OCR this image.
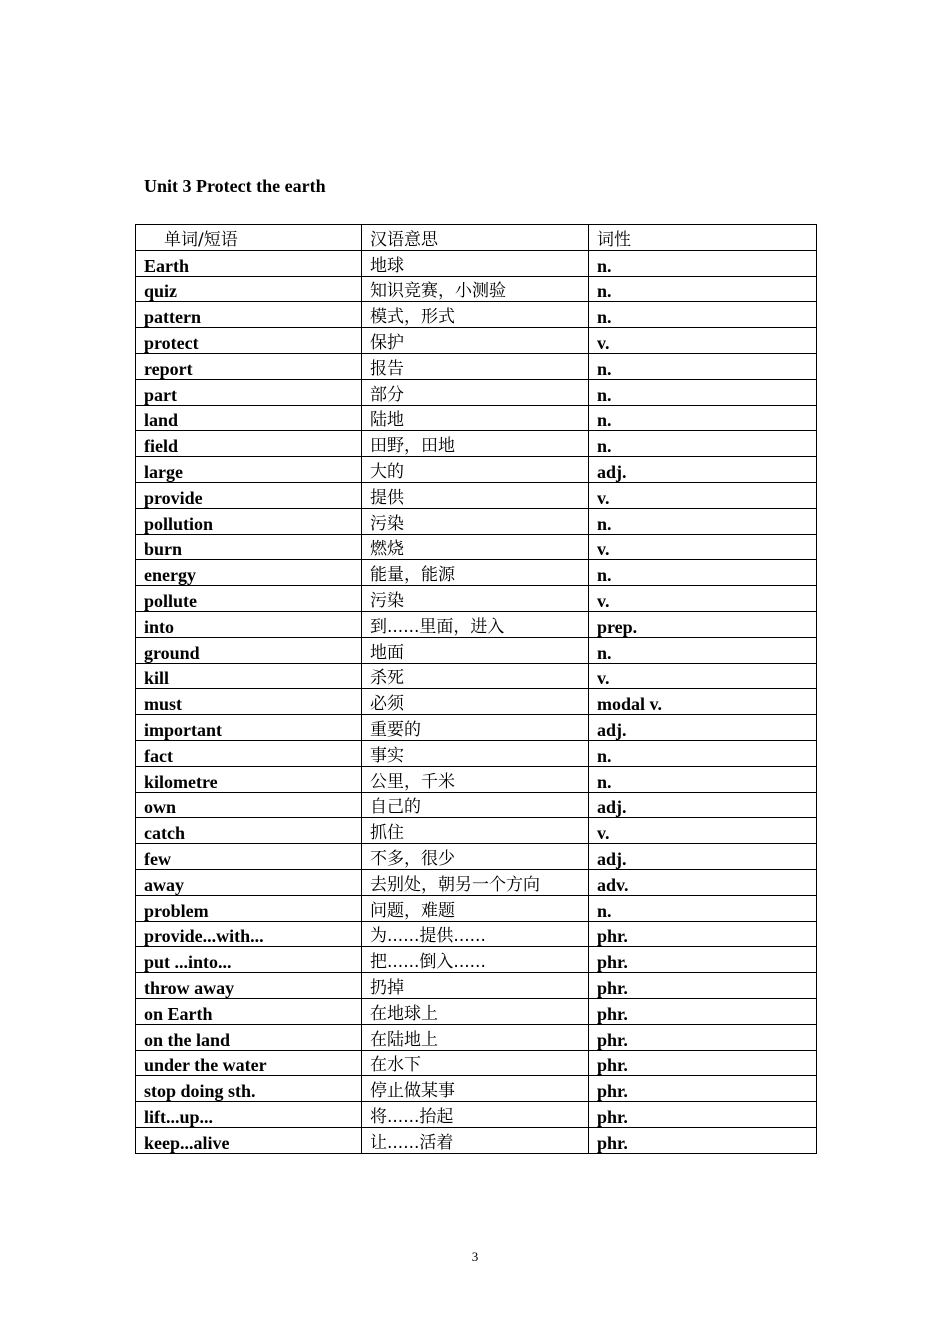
Unit 3 Protect the earth
单词/短语	汉语意思	词性
Earth	地球	n.
quiz	知识竞赛，小测验	n.
pattern	模式，形式	n.
protect	保护	v.
report	报告	n.
part	部分	n.
land	陆地	n.
field	田野，田地	n.
large	大的	adj.
provide	提供	v.
pollution	污染	n.
burn	燃烧	v.
energy	能量，能源	n.
pollute	污染	v.
into	到......里面，进入	prep.
ground	地面	n.
kill	杀死	v.
must	必须	modal v.
important	重要的	adj.
fact	事实	n.
kilometre	公里，千米	n.
own	自己的	adj.
catch	抓住	v.
few	不多，很少	adj.
away	去别处，朝另一个方向	adv.
problem	问题，难题	n.
provide...with...	为......提供......	phr.
put ...into...	把......倒入......	phr.
throw away	扔掉	phr.
on Earth	在地球上	phr.
on the land	在陆地上	phr.
under the water	在水下	phr.
stop doing sth.	停止做某事	phr.
lift...up...	将......抬起	phr.
keep...alive	让......活着	phr.
3
